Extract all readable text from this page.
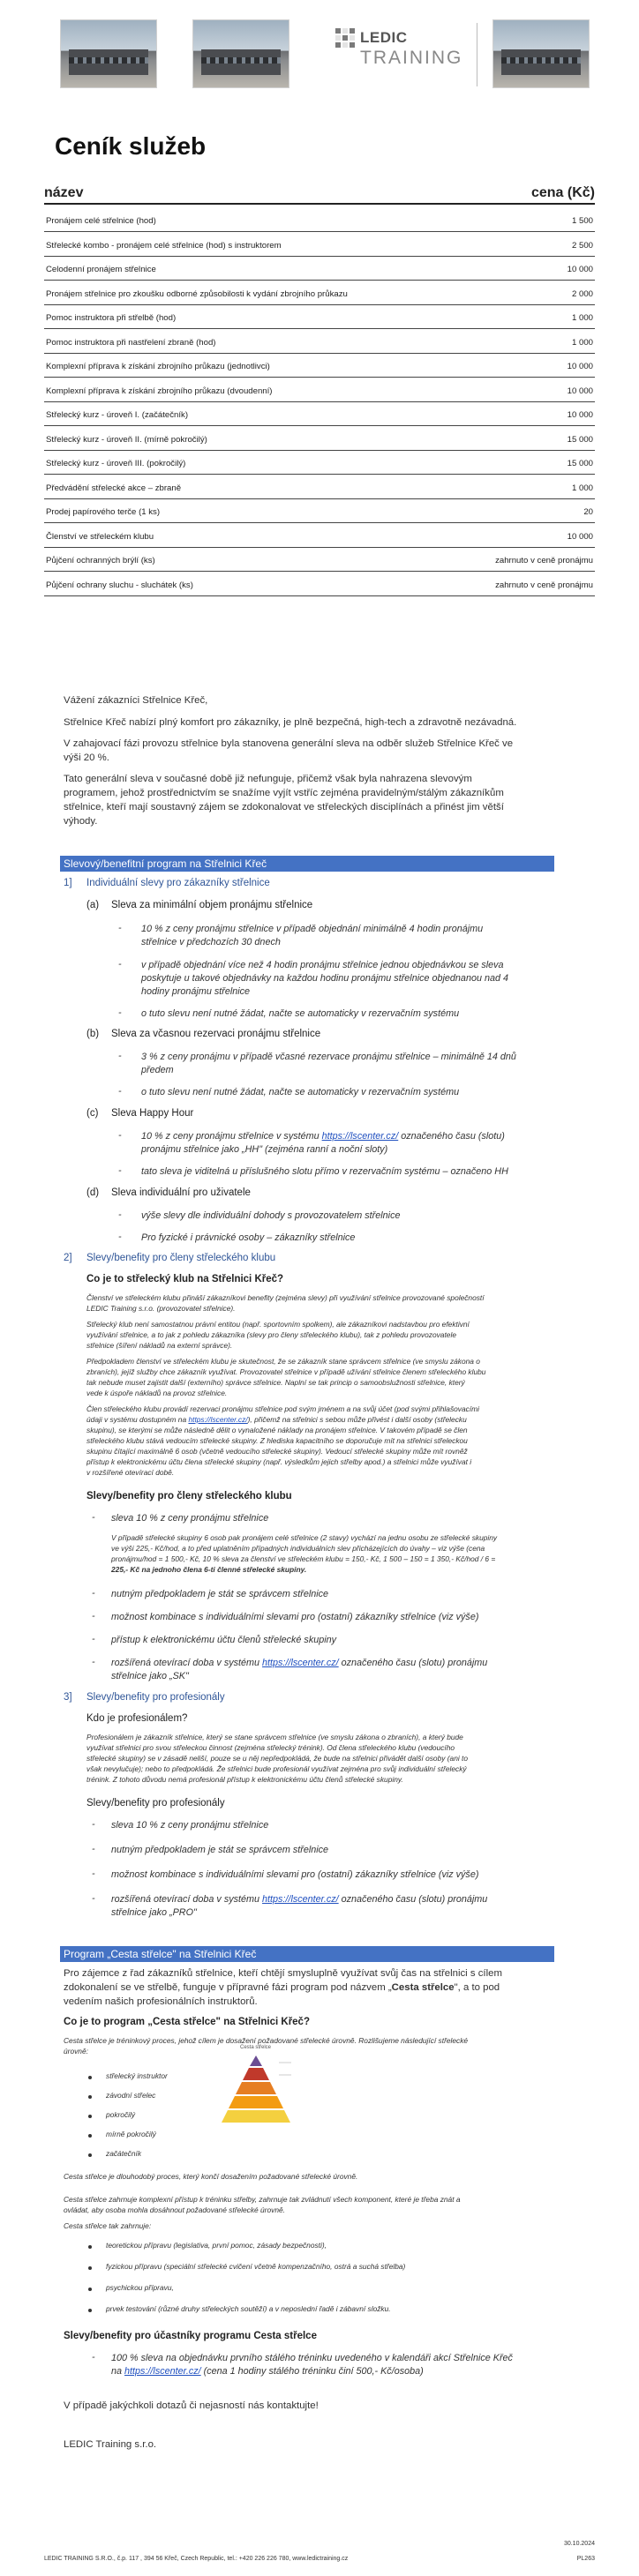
LEDIC
TRAINING
Ceník služeb
název	cena (Kč)
Pronájem celé střelnice (hod)	1 500
Střelecké kombo - pronájem celé střelnice (hod) s instruktorem	2 500
Celodenní pronájem střelnice	10 000
Pronájem střelnice pro zkoušku odborné způsobilosti k vydání zbrojního průkazu	2 000
Pomoc instruktora při střelbě (hod)	1 000
Pomoc instruktora při nastřelení zbraně (hod)	1 000
Komplexní příprava k získání zbrojního průkazu (jednotlivci)	10 000
Komplexní příprava k získání zbrojního průkazu (dvoudenní)	10 000
Střelecký kurz - úroveň I. (začátečník)	10 000
Střelecký kurz - úroveň II. (mírně pokročilý)	15 000
Střelecký kurz - úroveň III. (pokročilý)	15 000
Předvádění střelecké akce – zbraně	1 000
Prodej papírového terče (1 ks)	20
Členství ve střeleckém klubu	10 000
Půjčení ochranných brýlí (ks)	zahrnuto v ceně pronájmu
Půjčení ochrany sluchu - sluchátek (ks)	zahrnuto v ceně pronájmu
Vážení zákazníci Střelnice Křeč,
Střelnice Křeč nabízí plný komfort pro zákazníky, je plně bezpečná, high-tech a zdravotně nezávadná.
V zahajovací fázi provozu střelnice byla stanovena generální sleva na odběr služeb Střelnice Křeč ve
výši 20 %.
Tato generální sleva v současné době již nefunguje, přičemž však byla nahrazena slevovým
programem, jehož prostřednictvím se snažíme vyjít vstříc zejména pravidelným/stálým zákazníkům
střelnice, kteří mají soustavný zájem se zdokonalovat ve střeleckých disciplínách a přinést jim větší
výhody.
Slevový/benefitní program na Střelnici Křeč
1] Individuální slevy pro zákazníky střelnice
(a) Sleva za minimální objem pronájmu střelnice
- 10 % z ceny pronájmu střelnice v případě objednání minimálně 4 hodin pronájmu
střelnice v předchozích 30 dnech
- v případě objednání více než 4 hodin pronájmu střelnice jednou objednávkou se sleva
poskytuje u takové objednávky na každou hodinu pronájmu střelnice objednanou nad 4
hodiny pronájmu střelnice
- o tuto slevu není nutné žádat, načte se automaticky v rezervačním systému
(b) Sleva za včasnou rezervaci pronájmu střelnice
- 3 % z ceny pronájmu v případě včasné rezervace pronájmu střelnice – minimálně 14 dnů
předem
- o tuto slevu není nutné žádat, načte se automaticky v rezervačním systému
(c) Sleva Happy Hour
- 10 % z ceny pronájmu střelnice v systému https://lscenter.cz/ označeného času (slotu)
pronájmu střelnice jako „HH" (zejména ranní a noční sloty)
- tato sleva je viditelná u příslušného slotu přímo v rezervačním systému – označeno HH
(d) Sleva individuální pro uživatele
- výše slevy dle individuální dohody s provozovatelem střelnice
- Pro fyzické i právnické osoby – zákazníky střelnice
2] Slevy/benefity pro členy střeleckého klubu
Co je to střelecký klub na Střelnici Křeč?
Členství ve střeleckém klubu přináší zákazníkovi benefity (zejména slevy) při využívání střelnice provozované společností
LEDIC Training s.r.o. (provozovatel střelnice).
Střelecký klub není samostatnou právní entitou (např. sportovním spolkem), ale zákazníkovi nadstavbou pro efektivní
využívání střelnice, a to jak z pohledu zákazníka (slevy pro členy střeleckého klubu), tak z pohledu provozovatele
střelnice (šíření nákladů na externí správce).
Předpokladem členství ve střeleckém klubu je skutečnost, že se zákazník stane správcem střelnice (ve smyslu zákona o
zbraních), jejíž služby chce zákazník využívat. Provozovatel střelnice v případě užívání střelnice členem střeleckého klubu
tak nebude muset zajistit další (externího) správce střelnice. Naplní se tak princip o samoobslužnosti střelnice, který
vede k úspoře nákladů na provoz střelnice.
Člen střeleckého klubu provádí rezervaci pronájmu střelnice pod svým jménem a na svůj účet (pod svými přihlašovacími
údaji v systému dostupném na https://lscenter.cz/), přičemž na střelnici s sebou může přivést i další osoby (střelecku
skupinu), se kterými se může následně dělit o vynaložené náklady na pronájem střelnice. V takovém případě se člen
střeleckého klubu stává vedoucím střelecké skupiny. Z hlediska kapacitního se doporučuje mít na střelnici střeleckou
skupinu čítající maximálně 6 osob (včetně vedoucího střelecké skupiny). Vedoucí střelecké skupiny může mít rovněž
přístup k elektronickému účtu člena střelecké skupiny (např. výsledkům jejich střelby apod.) a střelnici může využívat i
v rozšířené otevírací době.
Slevy/benefity pro členy střeleckého klubu
- sleva 10 % z ceny pronájmu střelnice
V případě střelecké skupiny 6 osob pak pronájem celé střelnice (2 stavy) vychází na jednu osobu ze střelecké skupiny
ve výši 225,- Kč/hod, a to před uplatněním případných individuálních slev přicházejících do úvahy – viz výše (cena
pronájmu/hod = 1 500,- Kč, 10 % sleva za členství ve střeleckém klubu = 150,- Kč, 1 500 – 150 = 1 350,- Kč/hod / 6 =
225,- Kč na jednoho člena 6-ti členné střelecké skupiny.
- nutným předpokladem je stát se správcem střelnice
- možnost kombinace s individuálními slevami pro (ostatní) zákazníky střelnice (viz výše)
- přístup k elektronickému účtu členů střelecké skupiny
- rozšířená otevírací doba v systému https://lscenter.cz/ označeného času (slotu) pronájmu
střelnice jako „SK"
3] Slevy/benefity pro profesionály
Kdo je profesionálem?
Profesionálem je zákazník střelnice, který se stane správcem střelnice (ve smyslu zákona o zbraních), a který bude
využívat střelnici pro svou střeleckou činnost (zejména střelecký trénink). Od člena střeleckého klubu (vedoucího
střelecké skupiny) se v zásadě neliší, pouze se u něj nepředpokládá, že bude na střelnici přivádět další osoby (ani to
však nevylučuje); nebo to předpokládá. Že střelnici bude profesionál využívat zejména pro svůj individuální střelecký
trénink. Z tohoto důvodu nemá profesionál přístup k elektronickému účtu členů střelecké skupiny.
Slevy/benefity pro profesionály
- sleva 10 % z ceny pronájmu střelnice
- nutným předpokladem je stát se správcem střelnice
- možnost kombinace s individuálními slevami pro (ostatní) zákazníky střelnice (viz výše)
- rozšířená otevírací doba v systému https://lscenter.cz/ označeného času (slotu) pronájmu
střelnice jako „PRO"
Program „Cesta střelce" na Střelnici Křeč
Pro zájemce z řad zákazníků střelnice, kteří chtějí smysluplně využívat svůj čas na střelnici s cílem
zdokonalení se ve střelbě, funguje v přípravné fázi program pod názvem „Cesta střelce", a to pod
vedením našich profesionálních instruktorů.
Co je to program „Cesta střelce" na Střelnici Křeč?
Cesta střelce je tréninkový proces, jehož cílem je dosažení požadované střelecké úrovně. Rozlišujeme následující střelecké
úrovně:
střelecký instruktor
závodní střelec
pokročilý
mírně pokročilý
začátečník
Cesta střelce
Cesta střelce je dlouhodobý proces, který končí dosažením požadované střelecké úrovně.
Cesta střelce zahrnuje komplexní přístup k tréninku střelby, zahrnuje tak zvládnutí všech komponent, které je třeba znát a
ovládat, aby osoba mohla dosáhnout požadované střelecké úrovně.
Cesta střelce tak zahrnuje:
teoretickou přípravu (legislativa, první pomoc, zásady bezpečnosti),
fyzickou přípravu (speciální střelecké cvičení včetně kompenzačního, ostrá a suchá střelba)
psychickou přípravu,
prvek testování (různé druhy střeleckých soutěží) a v neposlední řadě i zábavní složku.
Slevy/benefity pro účastníky programu Cesta střelce
- 100 % sleva na objednávku prvního stálého tréninku uvedeného v kalendáři akcí Střelnice Křeč
na https://lscenter.cz/ (cena 1 hodiny stálého tréninku činí 500,- Kč/osoba)
V případě jakýchkoli dotazů či nejasností nás kontaktujte!
LEDIC Training s.r.o.
30.10.2024
LEDIC TRAINING S.R.O., č.p. 117 , 394 56 Křeč, Czech Republic, tel.: +420 226 226 780, www.ledictraining.cz	PL263
